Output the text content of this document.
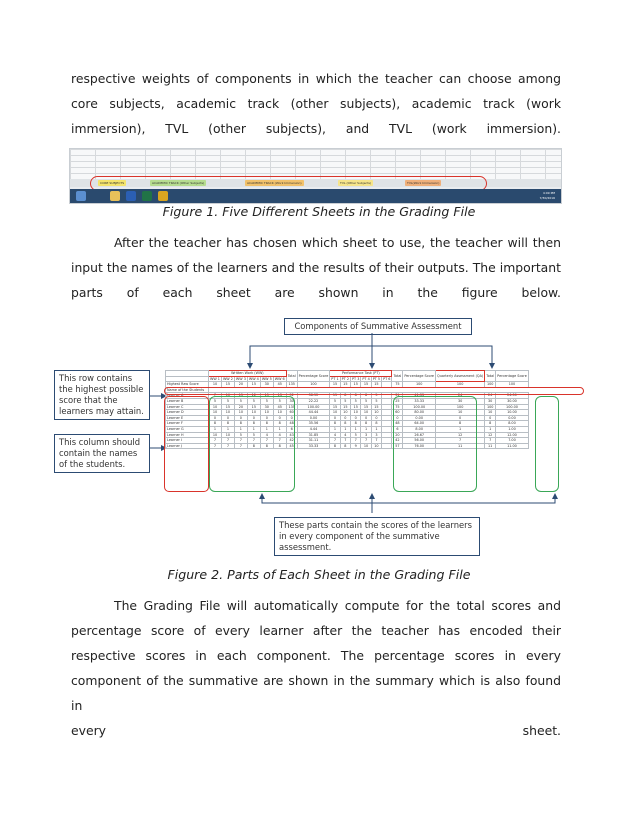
respective weights of components in which the teacher can choose among
core subjects, academic track (other subjects), academic track (work
immersion), TVL (other subjects), and TVL (work immersion).
CORE SUBJECTS	ACADEMIC TRACK (Other Subjects)	ACADEMIC TRACK (Work Immersion)	TVL (Other Subjects)	TVL(Work Immersion)
4:09 PM
7/30/2016
Figure 1. Five Different Sheets in the Grading File
After the teacher has chosen which sheet to use, the teacher will then
input the names of the learners and the results of their outputs. The important
parts of each sheet are shown in the figure below.
Components of Summative Assessment
This row contains the highest possible score that the learners may attain.
This column should contain the names of the students.
These parts contain the scores of the learners in every component of the summative assessment.
	Written Work (WW)						Total	Percentage Score	Performance Task (PT)						Total	Percentage Score	Quarterly Assessment (QA)	Total	Percentage Score
	WW 1	WW 2	WW 3	WW 4	WW 5	WW 6			PT 1	PT 2	PT 3	PT 4	PT 5	PT 6					
Highest Raw Score	10	15	20	15	30	45	135	100	15	15	15	15	15		75	100	100	100	100
Name of the Students																			
Learner A	7	10	15	12	15	13	52	38.52	15	8	8	8	5		31	41.33	24	24	24.00
Learner B	5	5	5	5	5	5	30	22.22	5	5	5	5	5		25	33.33	30	30	30.00
Learner C	10	15	20	15	30	45	135	100.00	15	15	15	15	15		75	100.00	100	100	100.00
Learner D	10	10	10	10	10	10	60	44.44	10	10	10	10	10		60	80.00	10	10	10.00
Learner E	0	0	0	0	0	0	0	0.00	0	0	0	0	0		0	0.00	0	0	0.00
Learner F	8	8	8	8	8	8	48	35.56	8	8	8	8	8		48	64.00	8	8	8.00
Learner G	1	1	1	1	1	1	6	4.44	1	1	1	1	1		6	8.00	1	1	1.00
Learner H	10	10	5	5	4	4	43	31.85	4	4	5	3	3		20	26.67	12	12	12.00
Learner I	7	7	7	7	7	7	42	31.11	7	7	7	7	7		42	56.00	7	7	7.00
Learner J	7	7	7	8	8	8	45	33.33	8	8	9	10	10		57	76.00	11	11	11.00
Figure 2. Parts of Each Sheet in the Grading File
The Grading File will automatically compute for the total scores and
percentage score of every learner after the teacher has encoded their
respective scores in each component. The percentage scores in every
component of the summative are shown in the summary which is also found in
every sheet.
